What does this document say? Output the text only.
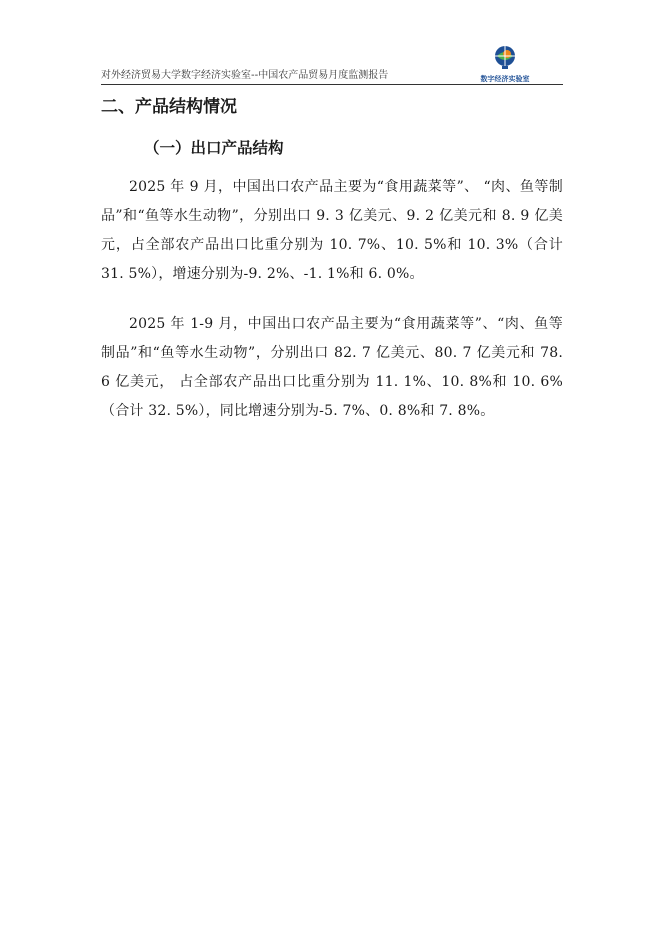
对外经济贸易大学数字经济实验室--中国农产品贸易月度监测报告	数字经济实验室
二、产品结构情况
（一）出口产品结构

2025 年 9 月，中国出口农产品主要为“食用蔬菜等”、 “肉、鱼等制品”和“鱼等水生动物”，分别出口 9. 3 亿美元、9. 2 亿美元和 8. 9 亿美元，占全部农产品出口比重分别为 10. 7%、10. 5%和 10. 3%（合计 31. 5%），增速分别为-9. 2%、-1. 1%和 6. 0%。

2025 年 1-9 月，中国出口农产品主要为“食用蔬菜等”、“肉、鱼等制品”和“鱼等水生动物”，分别出口 82. 7 亿美元、80. 7 亿美元和 78. 6 亿美元， 占全部农产品出口比重分别为 11. 1%、10. 8%和 10. 6%（合计 32. 5%），同比增速分别为-5. 7%、0. 8%和 7. 8%。
